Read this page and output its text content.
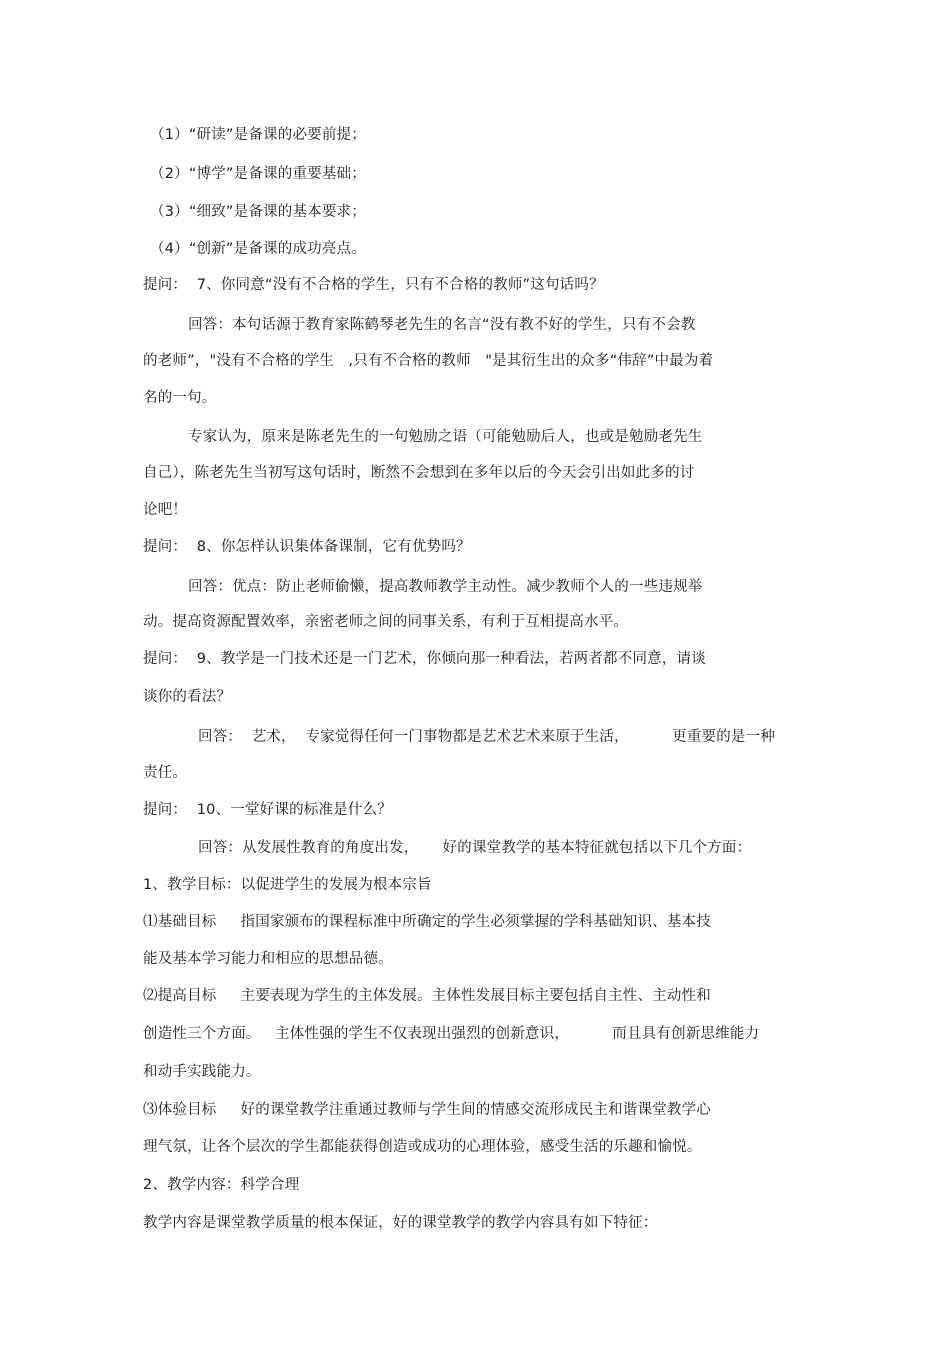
（1）“研读”是备课的必要前提；
（2）“博学”是备课的重要基础；
（3）“细致”是备课的基本要求；
（4）“创新”是备课的成功亮点。
提问：  7、你同意“没有不合格的学生，只有不合格的教师”这句话吗？
回答：本句话源于教育家陈鹤琴老先生的名言“没有教不好的学生，只有不会教
的老师”，"没有不合格的学生   ,只有不合格的教师   "是其衍生出的众多“伟辞”中最为着
名的一句。
专家认为，原来是陈老先生的一句勉励之语（可能勉励后人，也或是勉励老先生
自己），陈老先生当初写这句话时，断然不会想到在多年以后的今天会引出如此多的讨
论吧！
提问：  8、你怎样认识集体备课制，它有优势吗？
回答：优点：防止老师偷懒，提高教师教学主动性。减少教师个人的一些违规举
动。提高资源配置效率，亲密老师之间的同事关系，有利于互相提高水平。
提问：  9、教学是一门技术还是一门艺术，你倾向那一种看法，若两者都不同意，请谈
谈你的看法？
回答：  艺术，  专家觉得任何一门事物都是艺术艺术来原于生活，         更重要的是一种
责任。
提问：  10、一堂好课的标准是什么？
回答：从发展性教育的角度出发，     好的课堂教学的基本特征就包括以下几个方面：
1、教学目标：以促进学生的发展为根本宗旨
⑴基础目标     指国家颁布的课程标准中所确定的学生必须掌握的学科基础知识、基本技
能及基本学习能力和相应的思想品德。
⑵提高目标     主要表现为学生的主体发展。主体性发展目标主要包括自主性、主动性和
创造性三个方面。   主体性强的学生不仅表现出强烈的创新意识，         而且具有创新思维能力
和动手实践能力。
⑶体验目标     好的课堂教学注重通过教师与学生间的情感交流形成民主和谐课堂教学心
理气氛，让各个层次的学生都能获得创造或成功的心理体验，感受生活的乐趣和愉悦。
2、教学内容：科学合理
教学内容是课堂教学质量的根本保证，好的课堂教学的教学内容具有如下特征：
